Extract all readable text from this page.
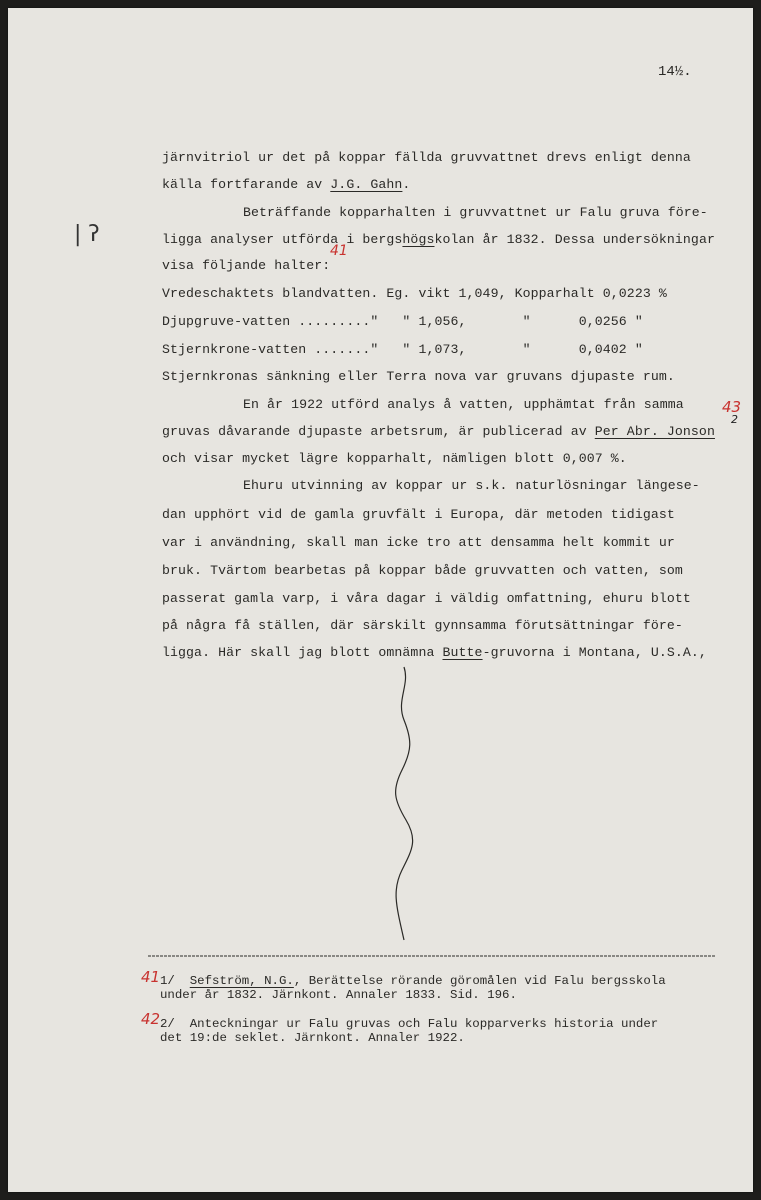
14½.
järnvitriol ur det på koppar fällda gruvvattnet drevs enligt denna
källa fortfarande av J.G. Gahn.
Beträffande kopparhalten i gruvvattnet ur Falu gruva före-
ligga analyser utförda i bergshögskolan år 1832. Dessa undersökningar
visa följande halter:
Vredeschaktets blandvatten. Eg. vikt 1,049, Kopparhalt 0,0223 %
Djupgruve-vatten ........."   " 1,056,       "      0,0256 "
Stjernkrone-vatten ......."   " 1,073,       "      0,0402 "
Stjernkronas sänkning eller Terra nova var gruvans djupaste rum.
En år 1922 utförd analys å vatten, upphämtat från samma
gruvas dåvarande djupaste arbetsrum, är publicerad av Per Abr. Jonson
och visar mycket lägre kopparhalt, nämligen blott 0,007 %.
Ehuru utvinning av koppar ur s.k. naturlösningar längese-
dan upphört vid de gamla gruvfält i Europa, där metoden tidigast
var i användning, skall man icke tro att densamma helt kommit ur
bruk. Tvärtom bearbetas på koppar både gruvvatten och vatten, som
passerat gamla varp, i våra dagar i väldig omfattning, ehuru blott
på några få ställen, där särskilt gynnsamma förutsättningar före-
ligga. Här skall jag blott omnämna Butte-gruvorna i Montana, U.S.A.,
| ʔ
41
43
2
41 1/ Sefström, N.G., Berättelse rörande göromålen vid Falu bergsskola
under år 1832. Järnkont. Annaler 1833. Sid. 196.
42 2/ Anteckningar ur Falu gruvas och Falu kopparverks historia under
det 19:de seklet. Järnkont. Annaler 1922.
